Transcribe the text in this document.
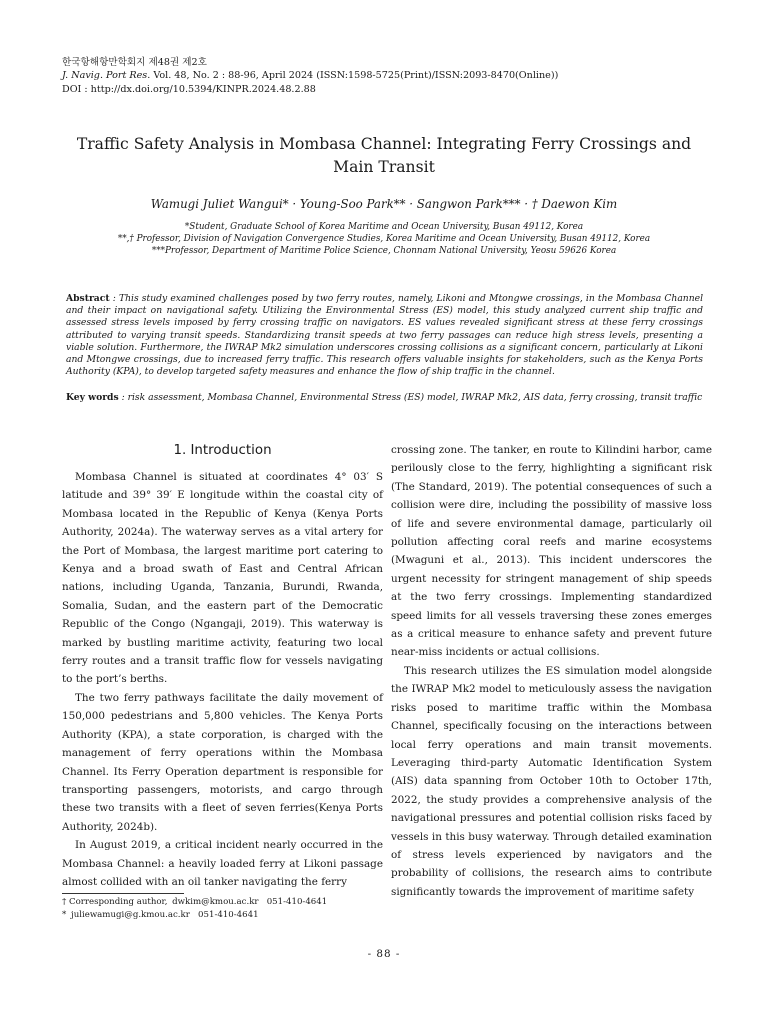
한국항해항만학회지 제48권 제2호
J. Navig. Port Res. Vol. 48, No. 2 : 88-96, April 2024 (ISSN:1598-5725(Print)/ISSN:2093-8470(Online))
DOI : http://dx.doi.org/10.5394/KINPR.2024.48.2.88
Traffic Safety Analysis in Mombasa Channel: Integrating Ferry Crossings and
Main Transit
Wamugi Juliet Wangui* · Young-Soo Park** · Sangwon Park*** · † Daewon Kim
*Student, Graduate School of Korea Maritime and Ocean University, Busan 49112, Korea
**,† Professor, Division of Navigation Convergence Studies, Korea Maritime and Ocean University, Busan 49112, Korea
***Professor, Department of Maritime Police Science, Chonnam National University, Yeosu 59626 Korea
Abstract : This study examined challenges posed by two ferry routes, namely, Likoni and Mtongwe crossings, in the Mombasa Channel and their impact on navigational safety. Utilizing the Environmental Stress (ES) model, this study analyzed current ship traffic and assessed stress levels imposed by ferry crossing traffic on navigators. ES values revealed significant stress at these ferry crossings attributed to varying transit speeds. Standardizing transit speeds at two ferry passages can reduce high stress levels, presenting a viable solution. Furthermore, the IWRAP Mk2 simulation underscores crossing collisions as a significant concern, particularly at Likoni and Mtongwe crossings, due to increased ferry traffic. This research offers valuable insights for stakeholders, such as the Kenya Ports Authority (KPA), to develop targeted safety measures and enhance the flow of ship traffic in the channel.
Key words : risk assessment, Mombasa Channel, Environmental Stress (ES) model, IWRAP Mk2, AIS data, ferry crossing, transit traffic
1. Introduction

Mombasa Channel is situated at coordinates 4° 03′ S latitude and 39° 39′ E longitude within the coastal city of Mombasa located in the Republic of Kenya (Kenya Ports Authority, 2024a). The waterway serves as a vital artery for the Port of Mombasa, the largest maritime port catering to Kenya and a broad swath of East and Central African nations, including Uganda, Tanzania, Burundi, Rwanda, Somalia, Sudan, and the eastern part of the Democratic Republic of the Congo (Ngangaji, 2019). This waterway is marked by bustling maritime activity, featuring two local ferry routes and a transit traffic flow for vessels navigating to the port’s berths.

The two ferry pathways facilitate the daily movement of 150,000 pedestrians and 5,800 vehicles. The Kenya Ports Authority (KPA), a state corporation, is charged with the management of ferry operations within the Mombasa Channel. Its Ferry Operation department is responsible for transporting passengers, motorists, and cargo through these two transits with a fleet of seven ferries(Kenya Ports Authority, 2024b).

In August 2019, a critical incident nearly occurred in the Mombasa Channel: a heavily loaded ferry at Likoni passage almost collided with an oil tanker navigating the ferry

crossing zone. The tanker, en route to Kilindini harbor, came perilously close to the ferry, highlighting a significant risk (The Standard, 2019). The potential consequences of such a collision were dire, including the possibility of massive loss of life and severe environmental damage, particularly oil pollution affecting coral reefs and marine ecosystems (Mwaguni et al., 2013). This incident underscores the urgent necessity for stringent management of ship speeds at the two ferry crossings. Implementing standardized speed limits for all vessels traversing these zones emerges as a critical measure to enhance safety and prevent future near-miss incidents or actual collisions.

This research utilizes the ES simulation model alongside the IWRAP Mk2 model to meticulously assess the navigation risks posed to maritime traffic within the Mombasa Channel, specifically focusing on the interactions between local ferry operations and main transit movements. Leveraging third-party Automatic Identification System (AIS) data spanning from October 10th to October 17th, 2022, the study provides a comprehensive analysis of the navigational pressures and potential collision risks faced by vessels in this busy waterway. Through detailed examination of stress levels experienced by navigators and the probability of collisions, the research aims to contribute significantly towards the improvement of maritime safety

† Corresponding author, dwkim@kmou.ac.kr 051-410-4641
* juliewamugi@g.kmou.ac.kr 051-410-4641
- 88 -
